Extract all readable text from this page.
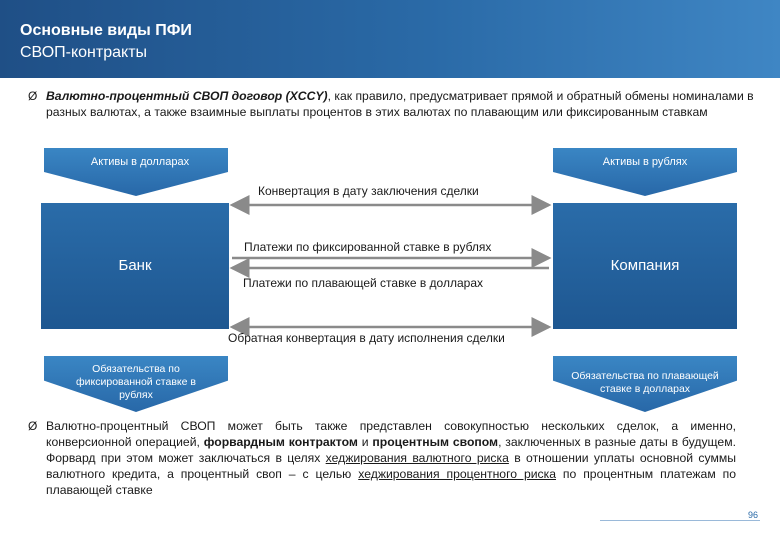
Основные виды ПФИ
СВОП-контракты
Ø Валютно-процентный СВОП договор (XCCY), как правило, предусматривает прямой и обратный обмены номиналами в разных валютах, а также взаимные выплаты процентов в этих валютах по плавающим или фиксированным ставкам
Активы в долларах	Активы в рублях
Банк	Компания
Конвертация в дату заключения сделки
Платежи по фиксированной ставке в рублях
Платежи по плавающей ставке в долларах
Обратная конвертация в дату исполнения сделки
Обязательства по фиксированной ставке в рублях
Обязательства по плавающей ставке в долларах
Ø Валютно-процентный СВОП может быть также представлен совокупностью нескольких сделок, а именно, конверсионной операцией, форвардным контрактом и процентным свопом, заключенных в разные даты в будущем. Форвард при этом может заключаться в целях хеджирования валютного риска в отношении уплаты основной суммы валютного кредита, а процентный своп – с целью хеджирования процентного риска по процентным платежам по плавающей ставке
96
